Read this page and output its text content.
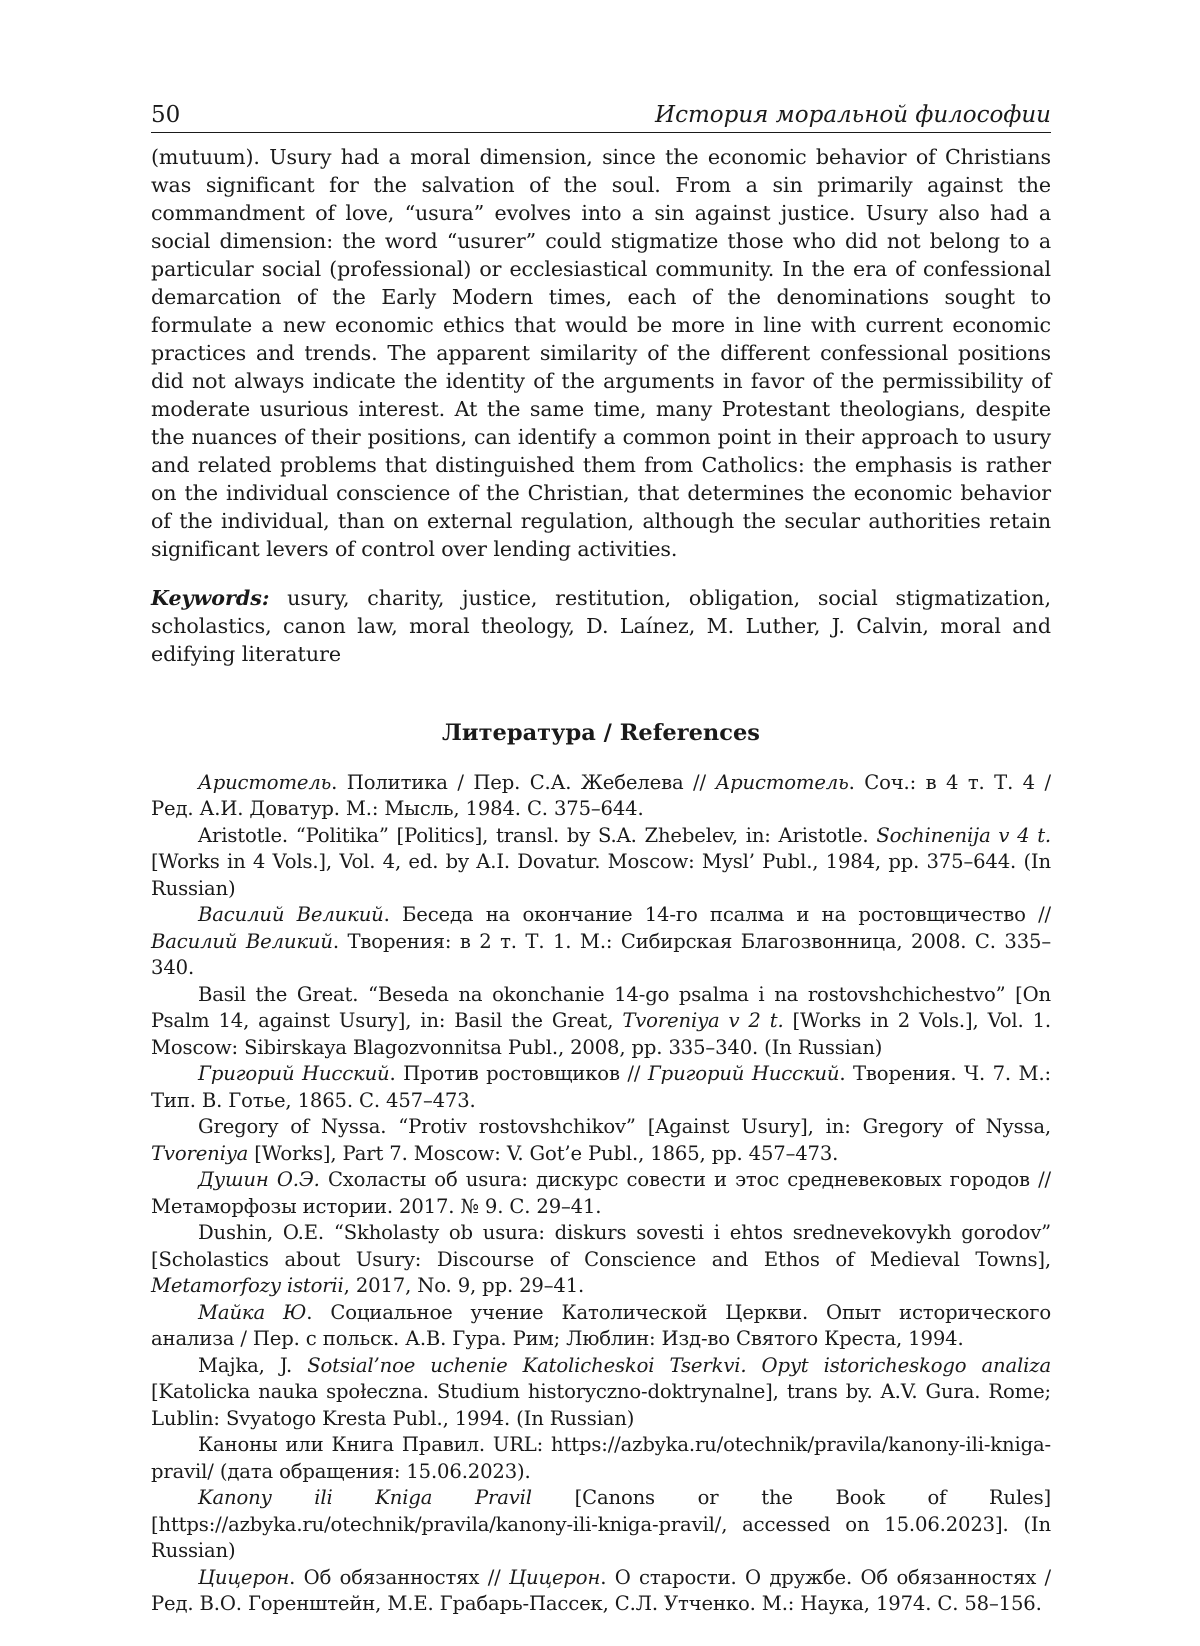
50	История моральной философии

(mutuum). Usury had a moral dimension, since the economic behavior of Christians was significant for the salvation of the soul. From a sin primarily against the commandment of love, “usura” evolves into a sin against justice. Usury also had a social dimension: the word “usurer” could stigmatize those who did not belong to a particular social (professional) or ecclesiastical community. In the era of confessional demarcation of the Early Modern times, each of the denominations sought to formulate a new economic ethics that would be more in line with current economic practices and trends. The apparent similarity of the different confessional positions did not always indicate the identity of the arguments in favor of the permissibility of moderate usurious interest. At the same time, many Protestant theologians, despite the nuances of their positions, can identify a common point in their approach to usury and related problems that distinguished them from Catholics: the emphasis is rather on the individual conscience of the Christian, that determines the economic behavior of the individual, than on external regulation, although the secular authorities retain significant levers of control over lending activities.

Keywords: usury, charity, justice, restitution, obligation, social stigmatization, scholastics, canon law, moral theology, D. Laínez, M. Luther, J. Calvin, moral and edifying literature

Литература / References

Аристотель. Политика / Пер. С.А. Жебелева // Аристотель. Соч.: в 4 т. Т. 4 / Ред. А.И. Доватур. М.: Мысль, 1984. С. 375–644.

Aristotle. “Politika” [Politics], transl. by S.A. Zhebelev, in: Aristotle. Sochinenija v 4 t. [Works in 4 Vols.], Vol. 4, ed. by A.I. Dovatur. Moscow: Mysl’ Publ., 1984, pp. 375–644. (In Russian)

Василий Великий. Беседа на окончание 14-го псалма и на ростовщичество // Василий Великий. Творения: в 2 т. Т. 1. М.: Сибирская Благозвонница, 2008. С. 335–340.

Basil the Great. “Beseda na okonchanie 14-go psalma i na rostovshchichestvo” [On Psalm 14, against Usury], in: Basil the Great, Tvoreniya v 2 t. [Works in 2 Vols.], Vol. 1. Moscow: Sibirskaya Blagozvonnitsa Publ., 2008, pp. 335–340. (In Russian)

Григорий Нисский. Против ростовщиков // Григорий Нисский. Творения. Ч. 7. М.: Тип. В. Готье, 1865. С. 457–473.

Gregory of Nyssa. “Protiv rostovshchikov” [Against Usury], in: Gregory of Nyssa, Tvoreniya [Works], Part 7. Moscow: V. Got’e Publ., 1865, pp. 457–473.

Душин О.Э. Схоласты об usura: дискурс совести и этос средневековых городов // Метаморфозы истории. 2017. № 9. С. 29–41.

Dushin, O.E. “Skholasty ob usura: diskurs sovesti i ehtos srednevekovykh gorodov” [Scholastics about Usury: Discourse of Conscience and Ethos of Medieval Towns], Metamorfozy istorii, 2017, No. 9, pp. 29–41.

Майка Ю. Социальное учение Католической Церкви. Опыт исторического анализа / Пер. с польск. А.В. Гура. Рим; Люблин: Изд-во Святого Креста, 1994.

Majka, J. Sotsial’noe uchenie Katolicheskoi Tserkvi. Opyt istoricheskogo analiza [Katolicka nauka społeczna. Studium historyczno-doktrynalne], trans by. A.V. Gura. Rome; Lublin: Svyatogo Kresta Publ., 1994. (In Russian)

Каноны или Книга Правил. URL: https://azbyka.ru/otechnik/pravila/kanony-ili-kniga-pravil/ (дата обращения: 15.06.2023).

Kanony ili Kniga Pravil [Canons or the Book of Rules] [https://azbyka.ru/otechnik/pravila/kanony-ili-kniga-pravil/, accessed on 15.06.2023]. (In Russian)

Цицерон. Об обязанностях // Цицерон. О старости. О дружбе. Об обязанностях / Ред. В.О. Горенштейн, М.Е. Грабарь-Пассек, С.Л. Утченко. М.: Наука, 1974. С. 58–156.
